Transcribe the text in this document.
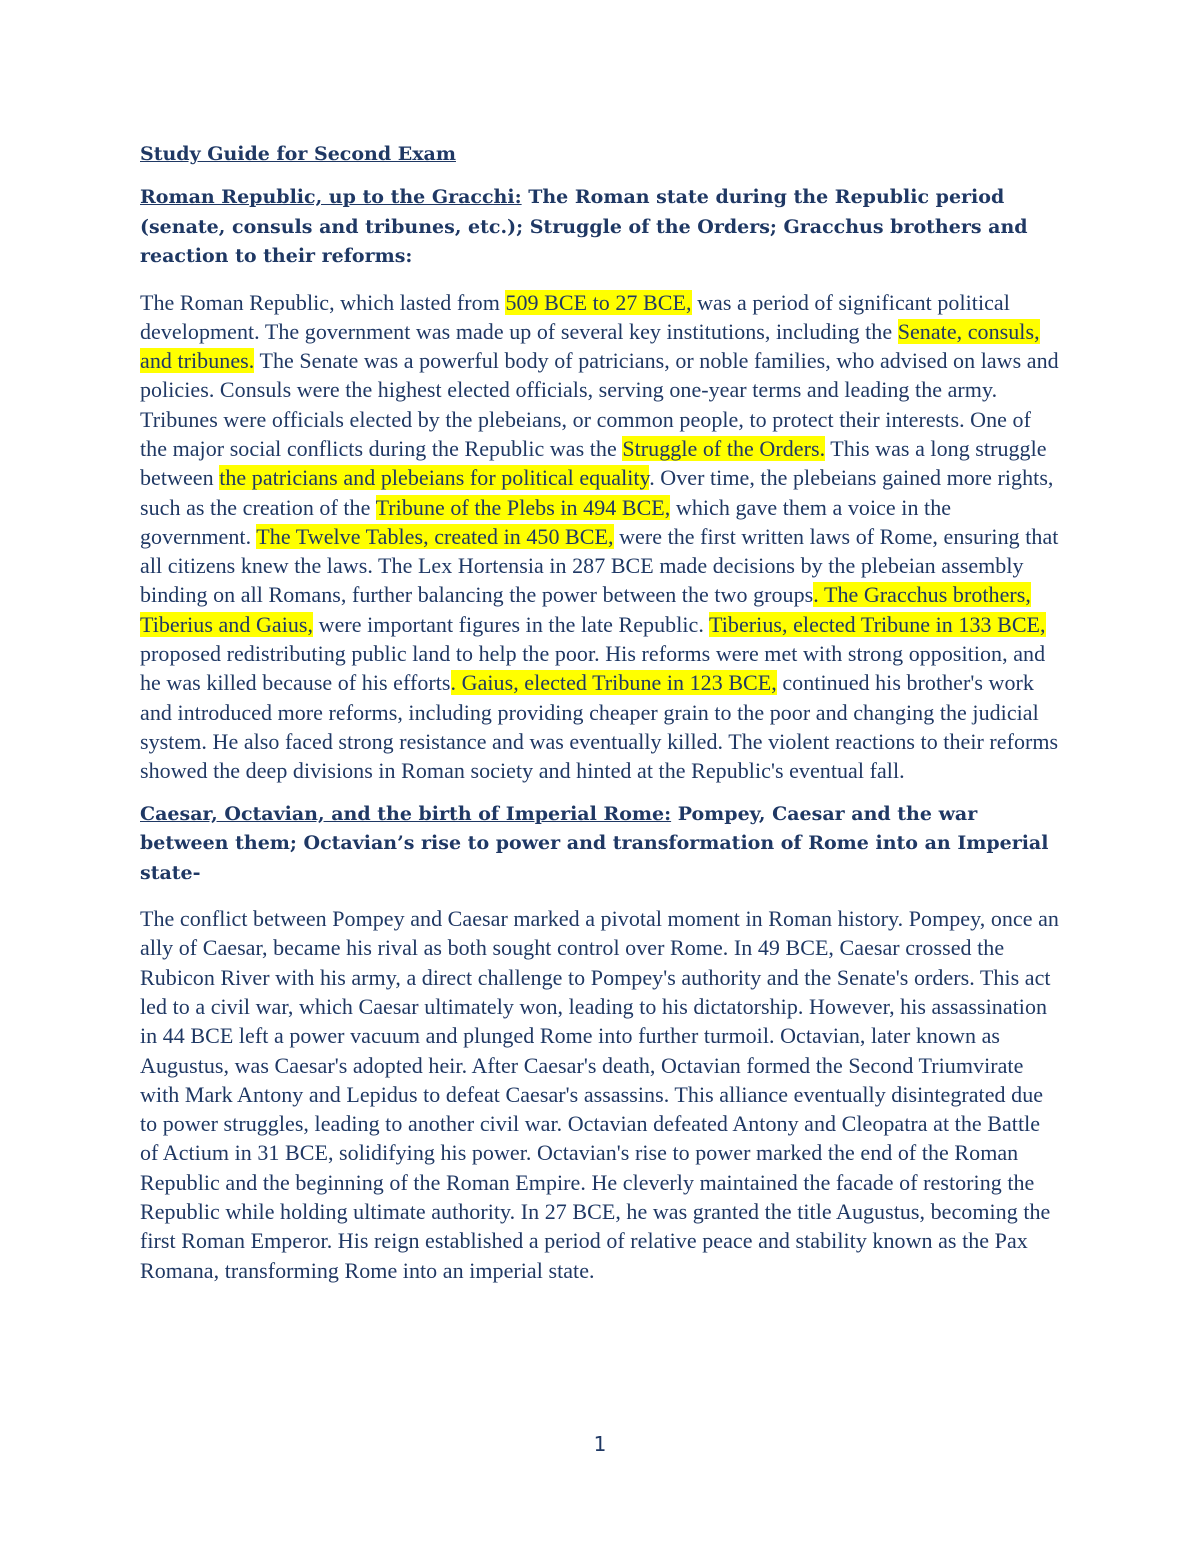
Study Guide for Second Exam
Roman Republic, up to the Gracchi: The Roman state during the Republic period (senate, consuls and tribunes, etc.); Struggle of the Orders; Gracchus brothers and reaction to their reforms:

The Roman Republic, which lasted from 509 BCE to 27 BCE, was a period of significant political development. The government was made up of several key institutions, including the Senate, consuls, and tribunes. The Senate was a powerful body of patricians, or noble families, who advised on laws and policies. Consuls were the highest elected officials, serving one-year terms and leading the army. Tribunes were officials elected by the plebeians, or common people, to protect their interests. One of the major social conflicts during the Republic was the Struggle of the Orders. This was a long struggle between the patricians and plebeians for political equality. Over time, the plebeians gained more rights, such as the creation of the Tribune of the Plebs in 494 BCE, which gave them a voice in the government. The Twelve Tables, created in 450 BCE, were the first written laws of Rome, ensuring that all citizens knew the laws. The Lex Hortensia in 287 BCE made decisions by the plebeian assembly binding on all Romans, further balancing the power between the two groups. The Gracchus brothers, Tiberius and Gaius, were important figures in the late Republic. Tiberius, elected Tribune in 133 BCE, proposed redistributing public land to help the poor. His reforms were met with strong opposition, and he was killed because of his efforts. Gaius, elected Tribune in 123 BCE, continued his brother's work and introduced more reforms, including providing cheaper grain to the poor and changing the judicial system. He also faced strong resistance and was eventually killed. The violent reactions to their reforms showed the deep divisions in Roman society and hinted at the Republic's eventual fall.

Caesar, Octavian, and the birth of Imperial Rome: Pompey, Caesar and the war between them; Octavian’s rise to power and transformation of Rome into an Imperial state-

The conflict between Pompey and Caesar marked a pivotal moment in Roman history. Pompey, once an ally of Caesar, became his rival as both sought control over Rome. In 49 BCE, Caesar crossed the Rubicon River with his army, a direct challenge to Pompey's authority and the Senate's orders. This act led to a civil war, which Caesar ultimately won, leading to his dictatorship. However, his assassination in 44 BCE left a power vacuum and plunged Rome into further turmoil. Octavian, later known as Augustus, was Caesar's adopted heir. After Caesar's death, Octavian formed the Second Triumvirate with Mark Antony and Lepidus to defeat Caesar's assassins. This alliance eventually disintegrated due to power struggles, leading to another civil war. Octavian defeated Antony and Cleopatra at the Battle of Actium in 31 BCE, solidifying his power. Octavian's rise to power marked the end of the Roman Republic and the beginning of the Roman Empire. He cleverly maintained the facade of restoring the Republic while holding ultimate authority. In 27 BCE, he was granted the title Augustus, becoming the first Roman Emperor. His reign established a period of relative peace and stability known as the Pax Romana, transforming Rome into an imperial state.

1
